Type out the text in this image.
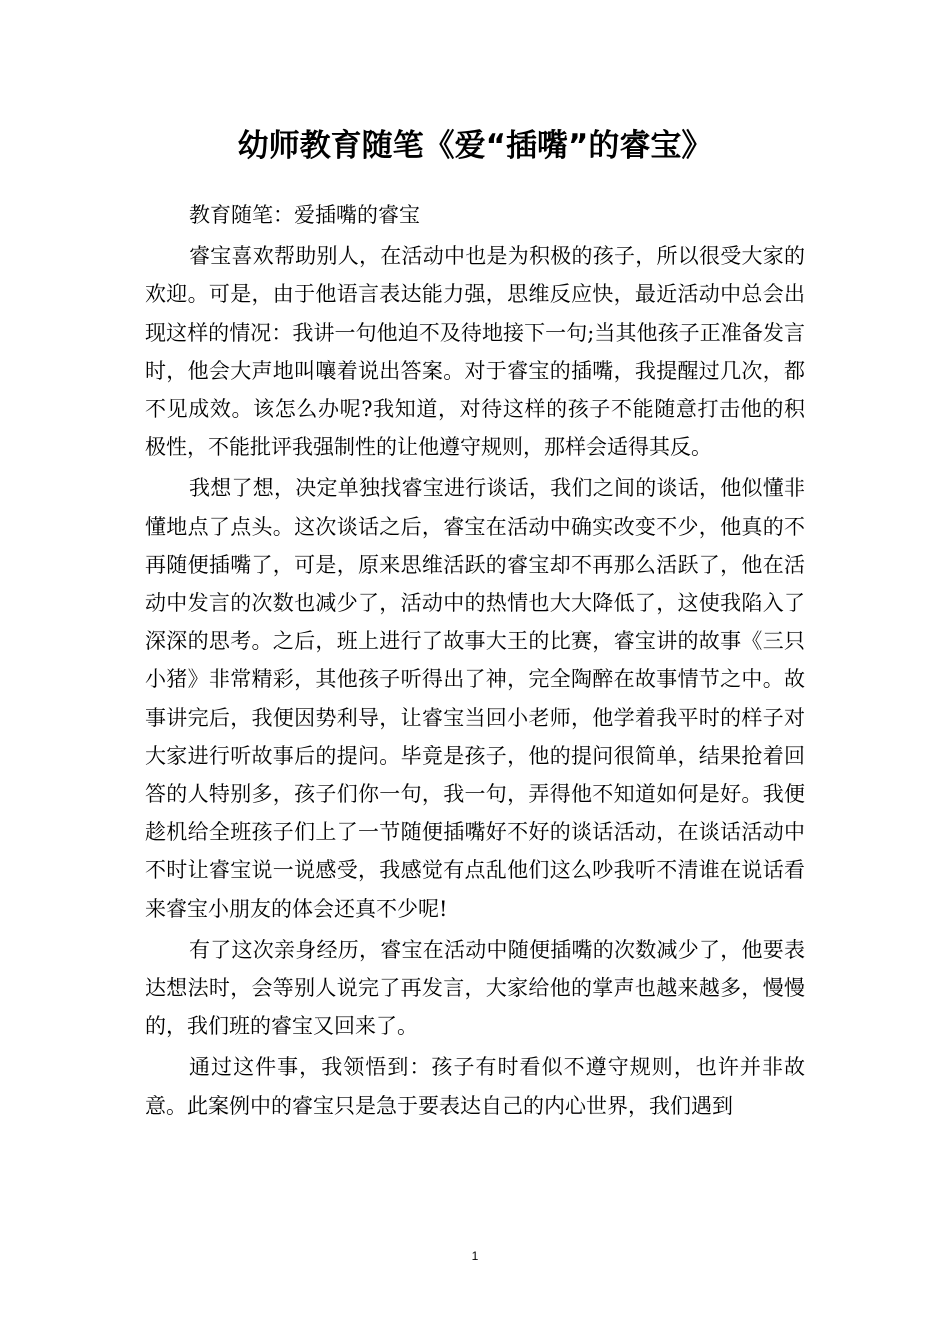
幼师教育随笔《爱“插嘴”的睿宝》

教育随笔：爱插嘴的睿宝

睿宝喜欢帮助别人，在活动中也是为积极的孩子，所以很受大家的欢迎。可是，由于他语言表达能力强，思维反应快，最近活动中总会出现这样的情况：我讲一句他迫不及待地接下一句;当其他孩子正准备发言时，他会大声地叫嚷着说出答案。对于睿宝的插嘴，我提醒过几次，都不见成效。该怎么办呢?我知道，对待这样的孩子不能随意打击他的积极性，不能批评我强制性的让他遵守规则，那样会适得其反。

我想了想，决定单独找睿宝进行谈话，我们之间的谈话，他似懂非懂地点了点头。这次谈话之后，睿宝在活动中确实改变不少，他真的不再随便插嘴了，可是，原来思维活跃的睿宝却不再那么活跃了，他在活动中发言的次数也减少了，活动中的热情也大大降低了，这使我陷入了深深的思考。之后，班上进行了故事大王的比赛，睿宝讲的故事《三只小猪》非常精彩，其他孩子听得出了神，完全陶醉在故事情节之中。故事讲完后，我便因势利导，让睿宝当回小老师，他学着我平时的样子对大家进行听故事后的提问。毕竟是孩子，他的提问很简单，结果抢着回答的人特别多，孩子们你一句，我一句，弄得他不知道如何是好。我便趁机给全班孩子们上了一节随便插嘴好不好的谈话活动，在谈话活动中不时让睿宝说一说感受，我感觉有点乱他们这么吵我听不清谁在说话看来睿宝小朋友的体会还真不少呢!

有了这次亲身经历，睿宝在活动中随便插嘴的次数减少了，他要表达想法时，会等别人说完了再发言，大家给他的掌声也越来越多，慢慢的，我们班的睿宝又回来了。

通过这件事，我领悟到：孩子有时看似不遵守规则，也许并非故意。此案例中的睿宝只是急于要表达自己的内心世界，我们遇到

1
